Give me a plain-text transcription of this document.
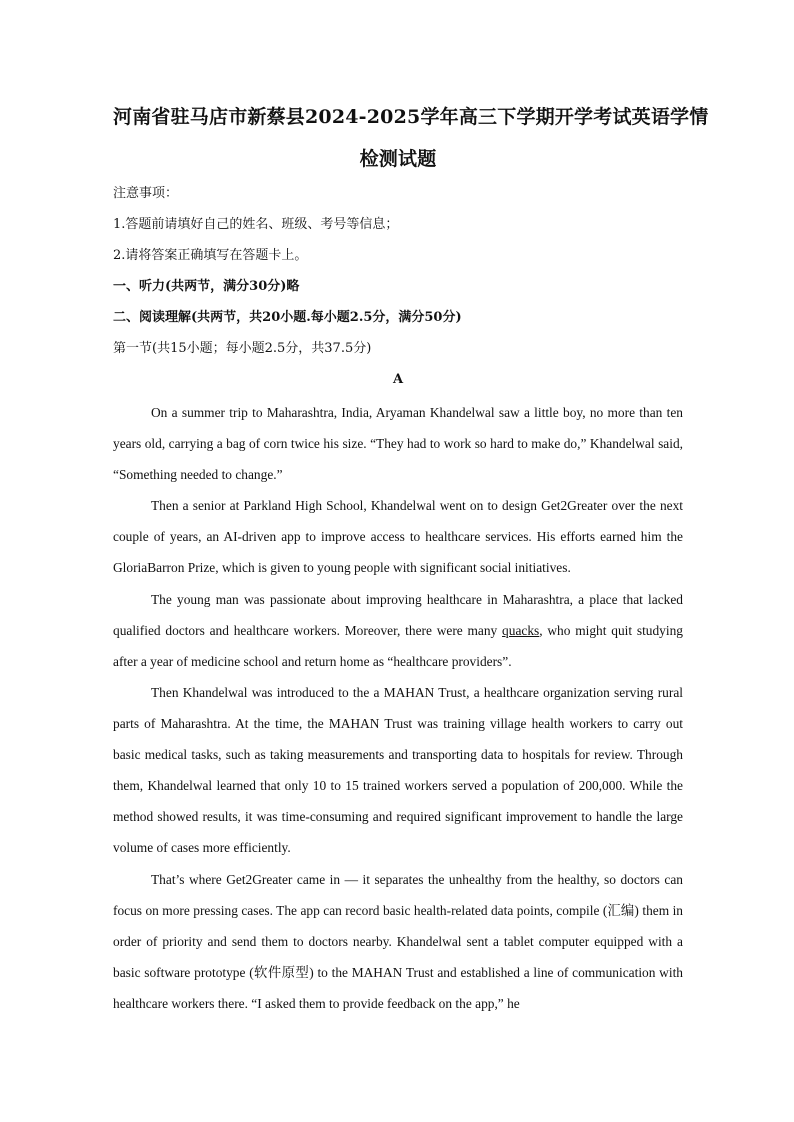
河南省驻马店市新蔡县2024-2025学年高三下学期开学考试英语学情
检测试题
注意事项：
1.答题前请填好自己的姓名、班级、考号等信息；
2.请将答案正确填写在答题卡上。
一、听力(共两节，满分30分)略
二、阅读理解(共两节，共20小题.每小题2.5分，满分50分)
第一节(共15小题；每小题2.5分，共37.5分)
A
On a summer trip to Maharashtra, India, Aryaman Khandelwal saw a little boy, no more than ten years old, carrying a bag of corn twice his size. “They had to work so hard to make do,” Khandelwal said, “Something needed to change.”
Then a senior at Parkland High School, Khandelwal went on to design Get2Greater over the next couple of years, an AI-driven app to improve access to healthcare services. His efforts earned him the GloriaBarron Prize, which is given to young people with significant social initiatives.
The young man was passionate about improving healthcare in Maharashtra, a place that lacked qualified doctors and healthcare workers. Moreover, there were many quacks, who might quit studying after a year of medicine school and return home as “healthcare providers”.
Then Khandelwal was introduced to the a MAHAN Trust, a healthcare organization serving rural parts of Maharashtra. At the time, the MAHAN Trust was training village health workers to carry out basic medical tasks, such as taking measurements and transporting data to hospitals for review. Through them, Khandelwal learned that only 10 to 15 trained workers served a population of 200,000. While the method showed results, it was time-consuming and required significant improvement to handle the large volume of cases more efficiently.
That’s where Get2Greater came in — it separates the unhealthy from the healthy, so doctors can focus on more pressing cases. The app can record basic health-related data points, compile (汇编) them in order of priority and send them to doctors nearby. Khandelwal sent a tablet computer equipped with a basic software prototype (软件原型) to the MAHAN Trust and established a line of communication with healthcare workers there. “I asked them to provide feedback on the app,” he
